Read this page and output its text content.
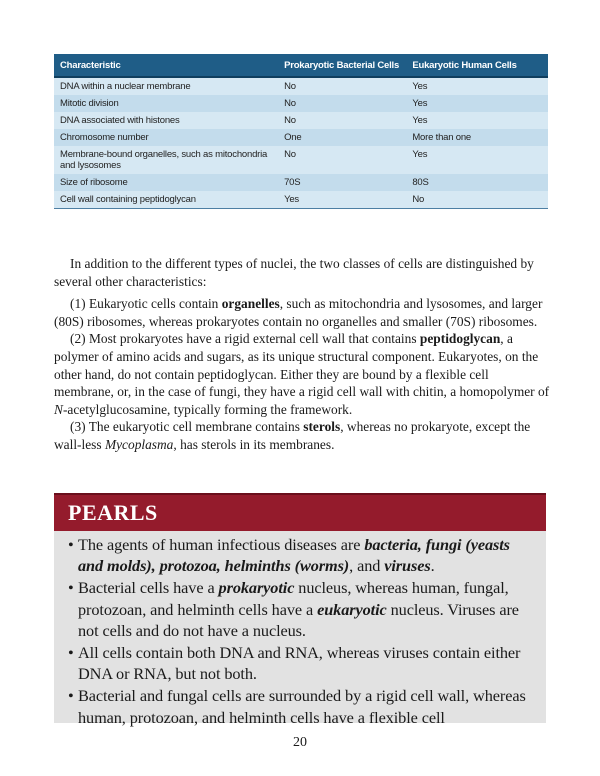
Characteristic	Prokaryotic Bacterial Cells	Eukaryotic Human Cells
DNA within a nuclear membrane	No	Yes
Mitotic division	No	Yes
DNA associated with histones	No	Yes
Chromosome number	One	More than one
Membrane-bound organelles, such as mitochondria and lysosomes	No	Yes
Size of ribosome	70S	80S
Cell wall containing peptidoglycan	Yes	No

In addition to the different types of nuclei, the two classes of cells are distinguished by several other characteristics:

(1) Eukaryotic cells contain organelles, such as mitochondria and lysosomes, and larger (80S) ribosomes, whereas prokaryotes contain no organelles and smaller (70S) ribosomes.

(2) Most prokaryotes have a rigid external cell wall that contains peptidoglycan, a polymer of amino acids and sugars, as its unique structural component. Eukaryotes, on the other hand, do not contain peptidoglycan. Either they are bound by a flexible cell membrane, or, in the case of fungi, they have a rigid cell wall with chitin, a homopolymer of N-acetylglucosamine, typically forming the framework.

(3) The eukaryotic cell membrane contains sterols, whereas no prokaryote, except the wall-less Mycoplasma, has sterols in its membranes.

PEARLS
• The agents of human infectious diseases are bacteria, fungi (yeasts and molds), protozoa, helminths (worms), and viruses.
• Bacterial cells have a prokaryotic nucleus, whereas human, fungal, protozoan, and helminth cells have a eukaryotic nucleus. Viruses are not cells and do not have a nucleus.
• All cells contain both DNA and RNA, whereas viruses contain either DNA or RNA, but not both.
• Bacterial and fungal cells are surrounded by a rigid cell wall, whereas human, protozoan, and helminth cells have a flexible cell
20
